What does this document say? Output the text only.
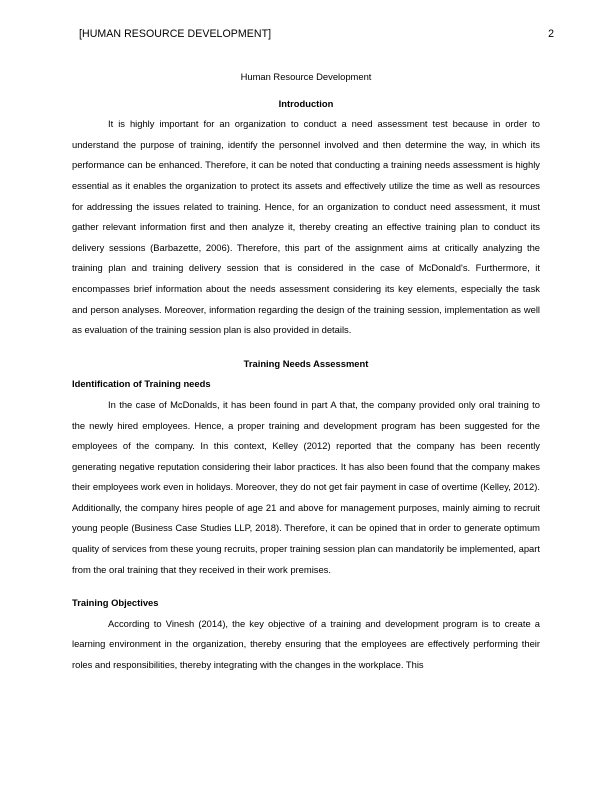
[HUMAN RESOURCE DEVELOPMENT]	2
Human Resource Development
Introduction

It is highly important for an organization to conduct a need assessment test because in order to understand the purpose of training, identify the personnel involved and then determine the way, in which its performance can be enhanced. Therefore, it can be noted that conducting a training needs assessment is highly essential as it enables the organization to protect its assets and effectively utilize the time as well as resources for addressing the issues related to training. Hence, for an organization to conduct need assessment, it must gather relevant information first and then analyze it, thereby creating an effective training plan to conduct its delivery sessions (Barbazette, 2006). Therefore, this part of the assignment aims at critically analyzing the training plan and training delivery session that is considered in the case of McDonald's. Furthermore, it encompasses brief information about the needs assessment considering its key elements, especially the task and person analyses. Moreover, information regarding the design of the training session, implementation as well as evaluation of the training session plan is also provided in details.

Training Needs Assessment
Identification of Training needs

In the case of McDonalds, it has been found in part A that, the company provided only oral training to the newly hired employees. Hence, a proper training and development program has been suggested for the employees of the company. In this context, Kelley (2012) reported that the company has been recently generating negative reputation considering their labor practices. It has also been found that the company makes their employees work even in holidays. Moreover, they do not get fair payment in case of overtime (Kelley, 2012). Additionally, the company hires people of age 21 and above for management purposes, mainly aiming to recruit young people (Business Case Studies LLP, 2018). Therefore, it can be opined that in order to generate optimum quality of services from these young recruits, proper training session plan can mandatorily be implemented, apart from the oral training that they received in their work premises.

Training Objectives

According to Vinesh (2014), the key objective of a training and development program is to create a learning environment in the organization, thereby ensuring that the employees are effectively performing their roles and responsibilities, thereby integrating with the changes in the workplace. This
